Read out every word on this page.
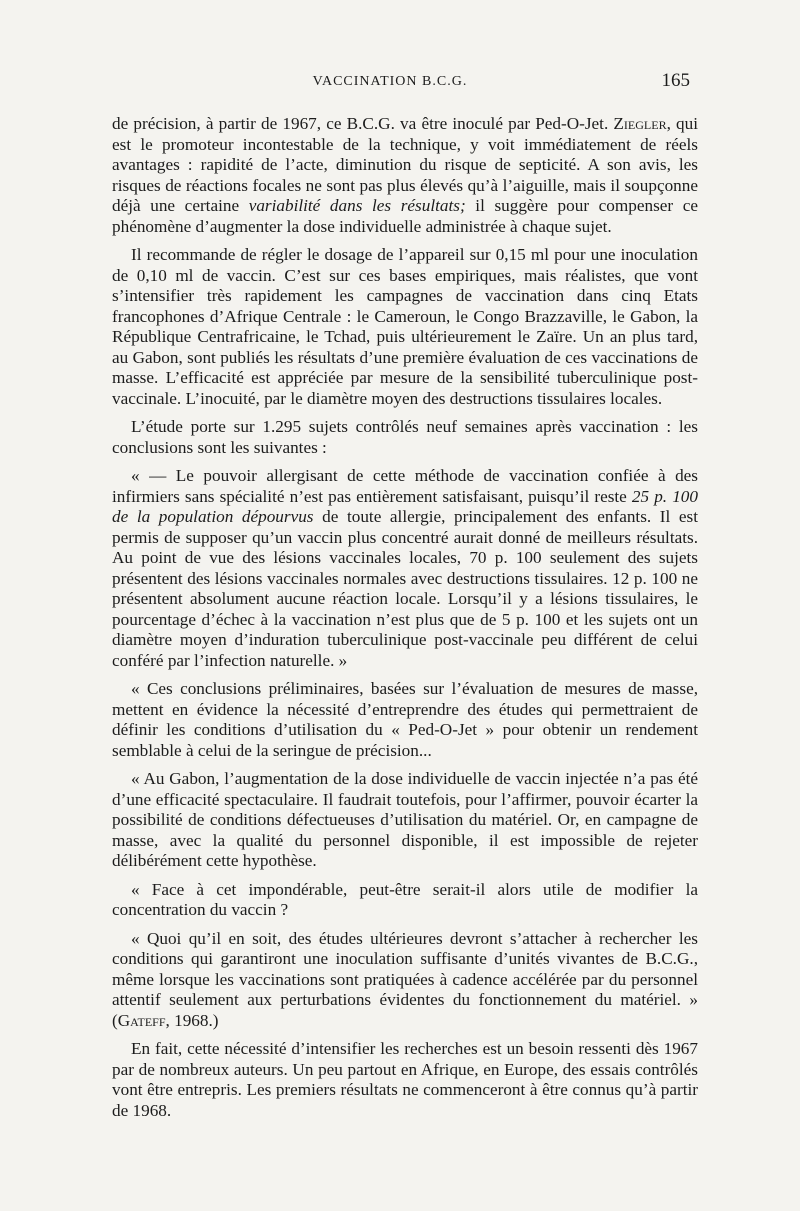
VACCINATION B.C.G.	165

de précision, à partir de 1967, ce B.C.G. va être inoculé par Ped-O-Jet. Ziegler, qui est le promoteur incontestable de la technique, y voit immédiatement de réels avantages : rapidité de l’acte, diminution du risque de septicité. A son avis, les risques de réactions focales ne sont pas plus élevés qu’à l’aiguille, mais il soupçonne déjà une certaine variabilité dans les résultats; il suggère pour compenser ce phénomène d’augmenter la dose individuelle administrée à chaque sujet.

Il recommande de régler le dosage de l’appareil sur 0,15 ml pour une inoculation de 0,10 ml de vaccin. C’est sur ces bases empiriques, mais réalistes, que vont s’intensifier très rapidement les campagnes de vaccination dans cinq Etats francophones d’Afrique Centrale : le Cameroun, le Congo Brazzaville, le Gabon, la République Centrafricaine, le Tchad, puis ultérieurement le Zaïre. Un an plus tard, au Gabon, sont publiés les résultats d’une première évaluation de ces vaccinations de masse. L’efficacité est appréciée par mesure de la sensibilité tuberculinique post-vaccinale. L’inocuité, par le diamètre moyen des destructions tissulaires locales.

L’étude porte sur 1.295 sujets contrôlés neuf semaines après vaccination : les conclusions sont les suivantes :

« — Le pouvoir allergisant de cette méthode de vaccination confiée à des infirmiers sans spécialité n’est pas entièrement satisfaisant, puisqu’il reste 25 p. 100 de la population dépourvus de toute allergie, principalement des enfants. Il est permis de supposer qu’un vaccin plus concentré aurait donné de meilleurs résultats. Au point de vue des lésions vaccinales locales, 70 p. 100 seulement des sujets présentent des lésions vaccinales normales avec destructions tissulaires. 12 p. 100 ne présentent absolument aucune réaction locale. Lorsqu’il y a lésions tissulaires, le pourcentage d’échec à la vaccination n’est plus que de 5 p. 100 et les sujets ont un diamètre moyen d’induration tuberculinique post-vaccinale peu différent de celui conféré par l’infection naturelle. »

« Ces conclusions préliminaires, basées sur l’évaluation de mesures de masse, mettent en évidence la nécessité d’entreprendre des études qui permettraient de définir les conditions d’utilisation du « Ped-O-Jet » pour obtenir un rendement semblable à celui de la seringue de précision...

« Au Gabon, l’augmentation de la dose individuelle de vaccin injectée n’a pas été d’une efficacité spectaculaire. Il faudrait toutefois, pour l’affirmer, pouvoir écarter la possibilité de conditions défectueuses d’utilisation du matériel. Or, en campagne de masse, avec la qualité du personnel disponible, il est impossible de rejeter délibérément cette hypothèse.

« Face à cet impondérable, peut-être serait-il alors utile de modifier la concentration du vaccin ?

« Quoi qu’il en soit, des études ultérieures devront s’attacher à rechercher les conditions qui garantiront une inoculation suffisante d’unités vivantes de B.C.G., même lorsque les vaccinations sont pratiquées à cadence accélérée par du personnel attentif seulement aux perturbations évidentes du fonctionnement du matériel. » (Gateff, 1968.)

En fait, cette nécessité d’intensifier les recherches est un besoin ressenti dès 1967 par de nombreux auteurs. Un peu partout en Afrique, en Europe, des essais contrôlés vont être entrepris. Les premiers résultats ne commenceront à être connus qu’à partir de 1968.
